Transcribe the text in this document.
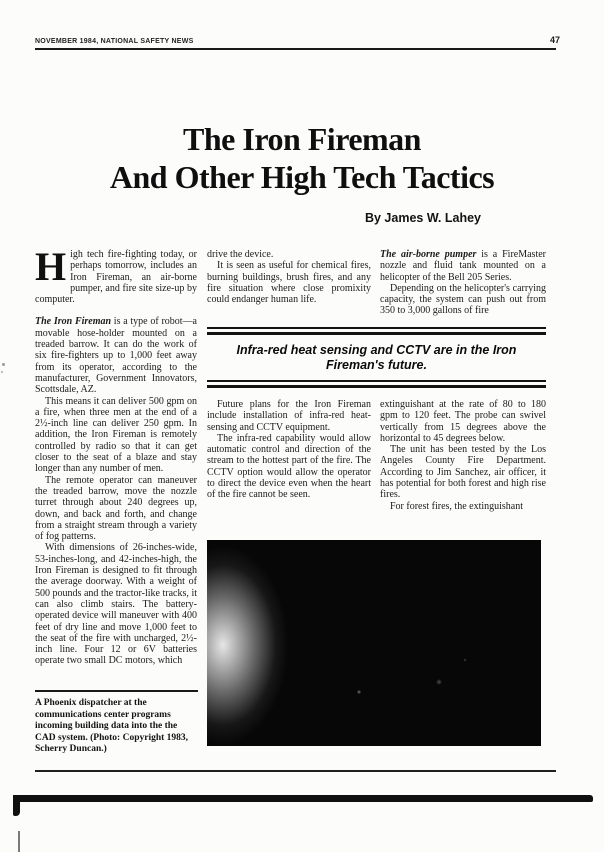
NOVEMBER 1984, NATIONAL SAFETY NEWS	47
The Iron Fireman
And Other High Tech Tactics
By James W. Lahey

High tech fire-fighting today, or perhaps tomorrow, includes an Iron Fireman, an air-borne pumper, and fire site size-up by computer.

The Iron Fireman is a type of robot—a movable hose-holder mounted on a treaded barrow. It can do the work of six fire-fighters up to 1,000 feet away from its operator, according to the manufacturer, Government Innovators, Scottsdale, AZ.

This means it can deliver 500 gpm on a fire, when three men at the end of a 2½-inch line can deliver 250 gpm. In addition, the Iron Fireman is remotely controlled by radio so that it can get closer to the seat of a blaze and stay longer than any number of men.

The remote operator can maneuver the treaded barrow, move the nozzle turret through about 240 degrees up, down, and back and forth, and change from a straight stream through a variety of fog patterns.

With dimensions of 26-inches-wide, 53-inches-long, and 42-inches-high, the Iron Fireman is designed to fit through the average doorway. With a weight of 500 pounds and the tractor-like tracks, it can also climb stairs. The battery-operated device will maneuver with 400 feet of dry line and move 1,000 feet to the seat of the fire with uncharged, 2½-inch line. Four 12 or 6V batteries operate two small DC motors, which

drive the device.

It is seen as useful for chemical fires, burning buildings, brush fires, and any fire situation where close promixity could endanger human life.

The air-borne pumper is a FireMaster nozzle and fluid tank mounted on a helicopter of the Bell 205 Series.

Depending on the helicopter's carrying capacity, the system can push out from 350 to 3,000 gallons of fire

Infra-red heat sensing and CCTV are in the Iron Fireman's future.

Future plans for the Iron Fireman include installation of infra-red heat-sensing and CCTV equipment.

The infra-red capability would allow automatic control and direction of the stream to the hottest part of the fire. The CCTV option would allow the operator to direct the device even when the heart of the fire cannot be seen.

extinguishant at the rate of 80 to 180 gpm to 120 feet. The probe can swivel vertically from 15 degrees above the horizontal to 45 degrees below.

The unit has been tested by the Los Angeles County Fire Department. According to Jim Sanchez, air officer, it has potential for both forest and high rise fires.

For forest fires, the extinguishant

A Phoenix dispatcher at the communications center programs incoming building data into the the CAD system. (Photo: Copyright 1983, Scherry Duncan.)
